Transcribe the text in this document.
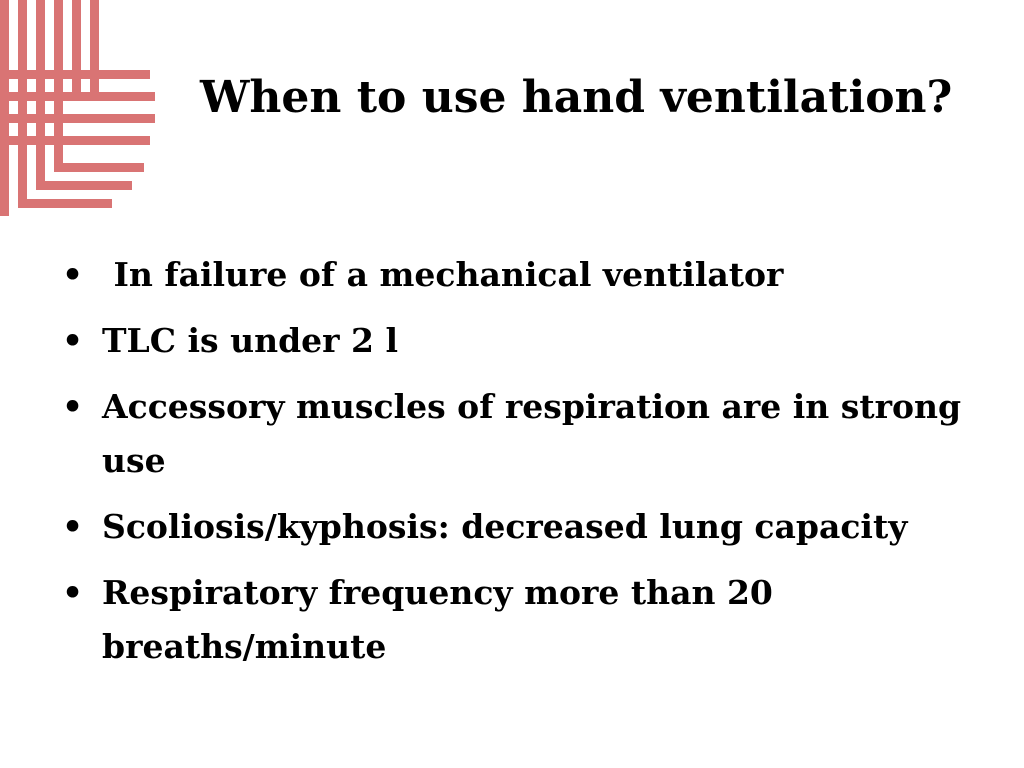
When to use hand ventilation?
• In failure of a mechanical ventilator
• TLC is under 2 l
• Accessory muscles of respiration are in strong use
• Scoliosis/kyphosis: decreased lung capacity
• Respiratory frequency more than 20 breaths/minute
